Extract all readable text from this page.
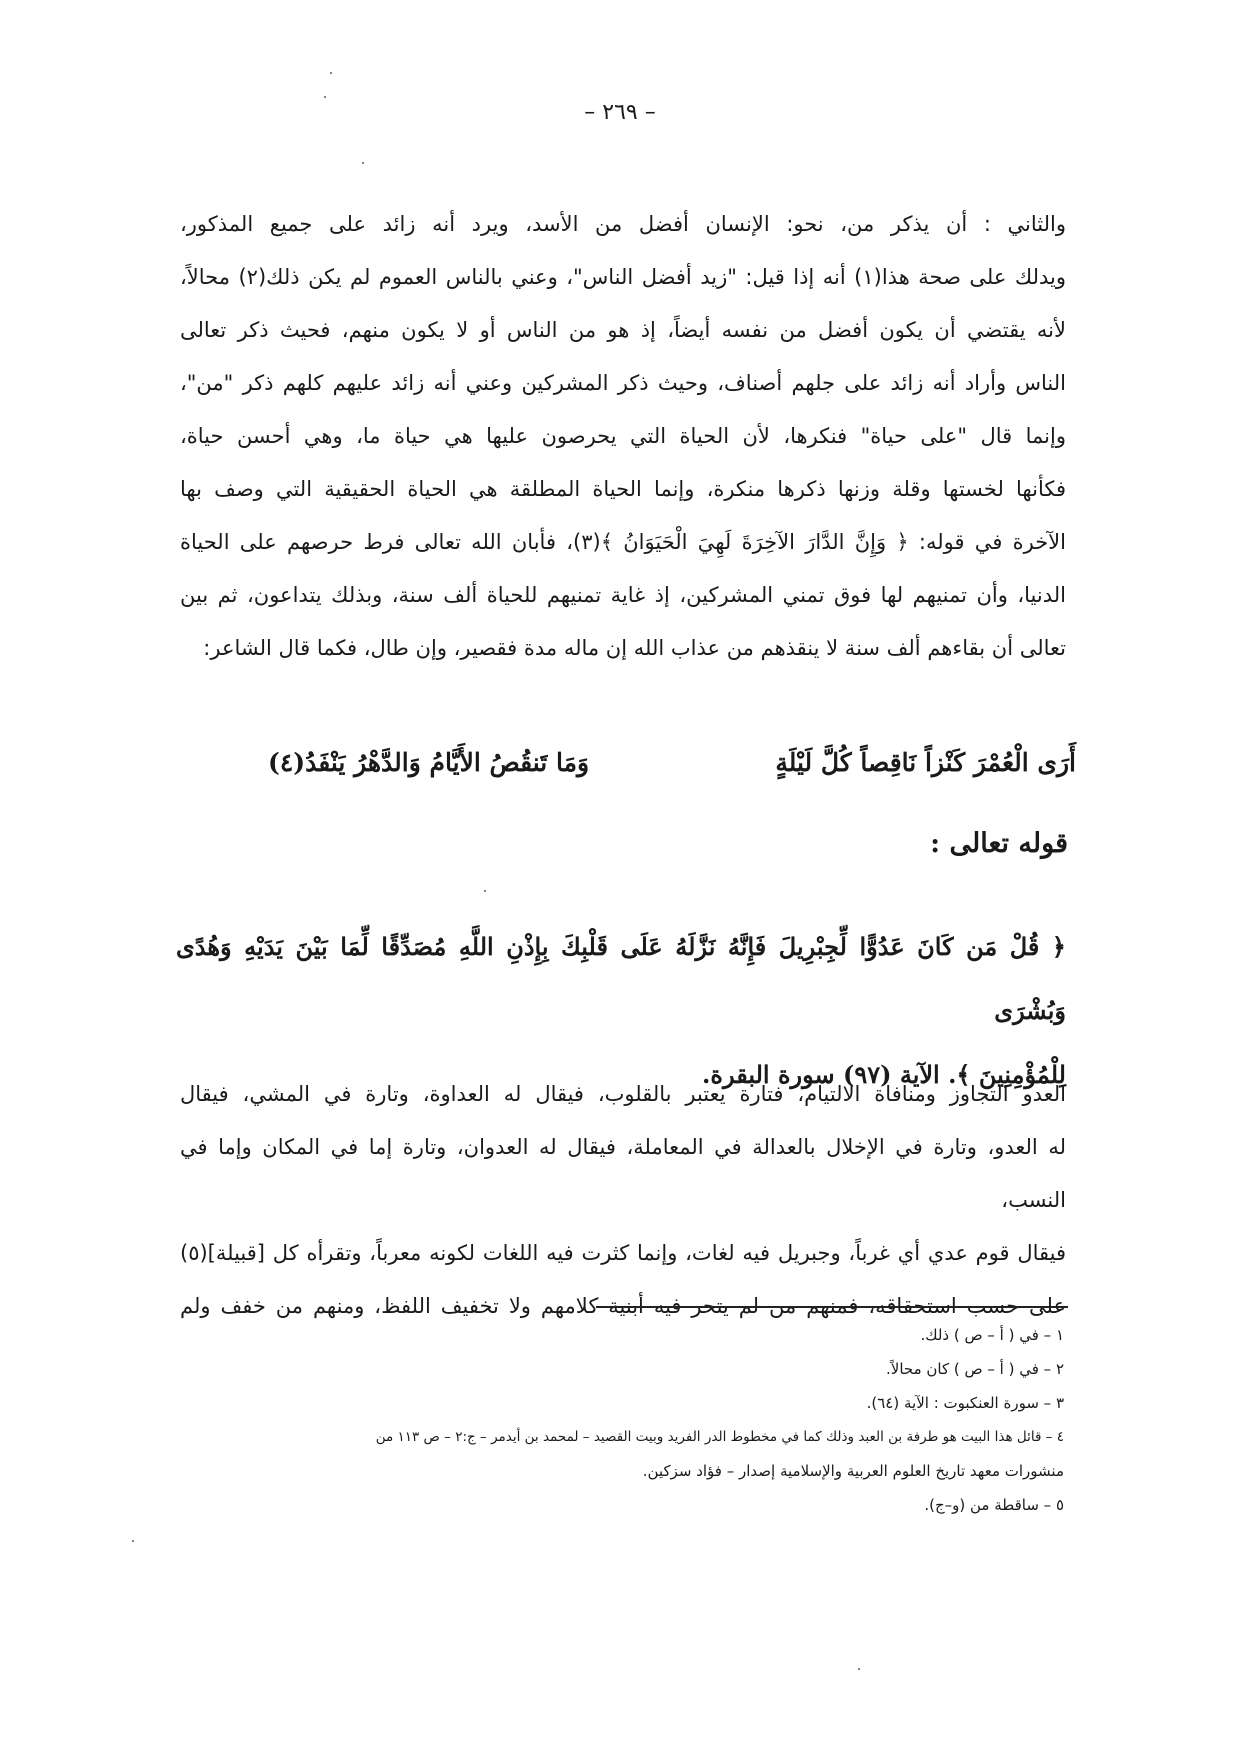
– ٢٦٩ –

والثاني : أن يذكر من، نحو: الإنسان أفضل من الأسد، ويرد أنه زائد على جميع المذكور،

ويدلك على صحة هذا(١) أنه إذا قيل: "زيد أفضل الناس"، وعني بالناس العموم لم يكن ذلك(٢) محالاً،

لأنه يقتضي أن يكون أفضل من نفسه أيضاً، إذ هو من الناس أو لا يكون منهم، فحيث ذكر تعالى

الناس وأراد أنه زائد على جلهم أصناف، وحيث ذكر المشركين وعني أنه زائد عليهم كلهم ذكر "من"،

وإنما قال "على حياة" فنكرها، لأن الحياة التي يحرصون عليها هي حياة ما، وهي أحسن حياة،

فكأنها لخستها وقلة وزنها ذكرها منكرة، وإنما الحياة المطلقة هي الحياة الحقيقية التي وصف بها

الآخرة في قوله: ﴿ وَإِنَّ الدَّارَ الآخِرَةَ لَهِيَ الْحَيَوَانُ ﴾(٣)، فأبان الله تعالى فرط حرصهم على الحياة

الدنيا، وأن تمنيهم لها فوق تمني المشركين، إذ غاية تمنيهم للحياة ألف سنة، وبذلك يتداعون، ثم بين

تعالى أن بقاءهم ألف سنة لا ينقذهم من عذاب الله إن ماله مدة فقصير، وإن طال، فكما قال الشاعر:

أَرَى الْعُمْرَ كَنْزاً نَاقِصاً كُلَّ لَيْلَةٍ
وَمَا تَنقُصُ الأَيَّامُ وَالدَّهْرُ يَنْفَدُ(٤)
قوله تعالى :

﴿ قُلْ مَن كَانَ عَدُوًّا لِّجِبْرِيلَ فَإِنَّهُ نَزَّلَهُ عَلَى قَلْبِكَ بِإِذْنِ اللَّهِ مُصَدِّقًا لِّمَا بَيْنَ يَدَيْهِ وَهُدًى وَبُشْرَى

لِلْمُؤْمِنِينَ ﴾. الآية (٩٧) سورة البقرة.

العدو التجاوز ومنافاة الالتيام، فتارة يعتبر بالقلوب، فيقال له العداوة، وتارة في المشي، فيقال

له العدو، وتارة في الإخلال بالعدالة في المعاملة، فيقال له العدوان، وتارة إما في المكان وإما في النسب،

فيقال قوم عدي أي غرباً، وجبريل فيه لغات، وإنما كثرت فيه اللغات لكونه معرباً، وتقرأه كل [قبيلة](٥)

على حسب استحقاقه، فمنهم من لم يتحر فيه أبنية كلامهم ولا تخفيف اللفظ، ومنهم من خفف ولم

١ – في ( أ – ص ) ذلك.
٢ – في ( أ – ص ) كان محالاً.
٣ – سورة العنكبوت : الآية (٦٤).
٤ – قائل هذا البيت هو طرفة بن العبد وذلك كما في مخطوط الدر الفريد وبيت القصيد – لمحمد بن أيدمر – ج:٢ – ص ١١٣ من
منشورات معهد تاريخ العلوم العربية والإسلامية إصدار – فؤاد سزكين.
٥ – ساقطة من (و–ج).
